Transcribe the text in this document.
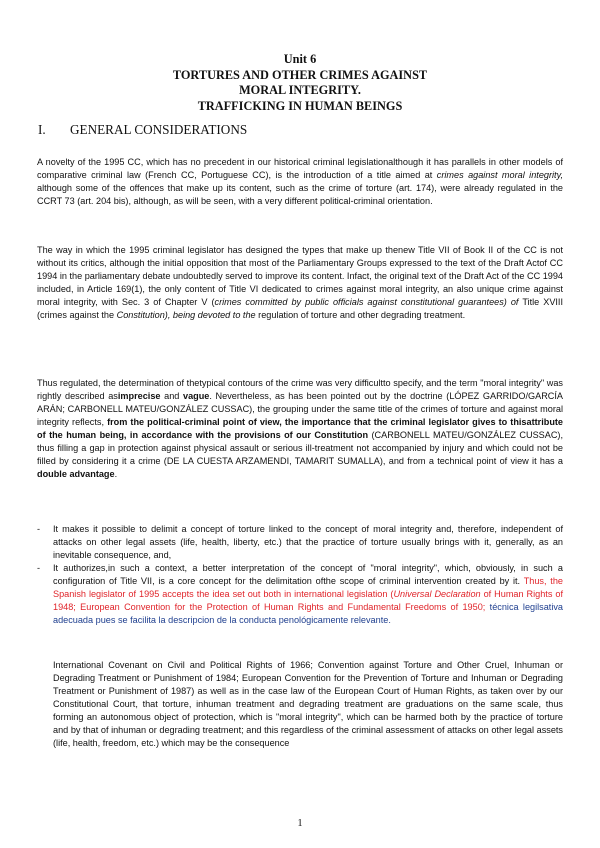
Unit 6
TORTURES AND OTHER CRIMES AGAINST
MORAL INTEGRITY.
TRAFFICKING IN HUMAN BEINGS
I. GENERAL CONSIDERATIONS
A novelty of the 1995 CC, which has no precedent in our historical criminal legislationalthough it has parallels in other models of comparative criminal law (French CC, Portuguese CC), is the introduction of a title aimed at crimes against moral integrity, although some of the offences that make up its content, such as the crime of torture (art. 174), were already regulated in the CCRT 73 (art. 204 bis), although, as will be seen, with a very different political-criminal orientation.
The way in which the 1995 criminal legislator has designed the types that make up thenew Title VII of Book II of the CC is not without its critics, although the initial opposition that most of the Parliamentary Groups expressed to the text of the Draft Actof CC 1994 in the parliamentary debate undoubtedly served to improve its content. Infact, the original text of the Draft Act of the CC 1994 included, in Article 169(1), the only content of Title VI dedicated to crimes against moral integrity, an also unique crime against moral integrity, with Sec. 3 of Chapter V (crimes committed by public officials against constitutional guarantees) of Title XVIII (crimes against the Constitution), being devoted to the regulation of torture and other degrading treatment.
Thus regulated, the determination of thetypical contours of the crime was very difficultto specify, and the term "moral integrity" was rightly described asimprecise and vague. Nevertheless, as has been pointed out by the doctrine (LÓPEZ GARRIDO/GARCÍA ARÁN; CARBONELL MATEU/GONZÁLEZ CUSSAC), the grouping under the same title of the crimes of torture and against moral integrity reflects, from the political-criminal point of view, the importance that the criminal legislator gives to thisattribute of the human being, in accordance with the provisions of our Constitution (CARBONELL MATEU/GONZÁLEZ CUSSAC), thus filling a gap in protection against physical assault or serious ill-treatment not accompanied by injury and which could not be filled by considering it a crime (DE LA CUESTA ARZAMENDI, TAMARIT SUMALLA), and from a technical point of view it has a double advantage.
- It makes it possible to delimit a concept of torture linked to the concept of moral integrity and, therefore, independent of attacks on other legal assets (life, health, liberty, etc.) that the practice of torture usually brings with it, generally, as an inevitable consequence, and,
- It authorizes,in such a context, a better interpretation of the concept of "moral integrity", which, obviously, in such a configuration of Title VII, is a core concept for the delimitation ofthe scope of criminal intervention created by it. Thus, the Spanish legislator of 1995 accepts the idea set out both in international legislation (Universal Declaration of Human Rights of 1948; European Convention for the Protection of Human Rights and Fundamental Freedoms of 1950; técnica legilsativa adecuada pues se facilita la descripcion de la conducta penológicamente relevante.
International Covenant on Civil and Political Rights of 1966; Convention against Torture and Other Cruel, Inhuman or Degrading Treatment or Punishment of 1984; European Convention for the Prevention of Torture and Inhuman or Degrading Treatment or Punishment of 1987) as well as in the case law of the European Court of Human Rights, as taken over by our Constitutional Court, that torture, inhuman treatment and degrading treatment are graduations on the same scale, thus forming an autonomous object of protection, which is "moral integrity", which can be harmed both by the practice of torture and by that of inhuman or degrading treatment; and this regardless of the criminal assessment of attacks on other legal assets (life, health, freedom, etc.) which may be the consequence
1
